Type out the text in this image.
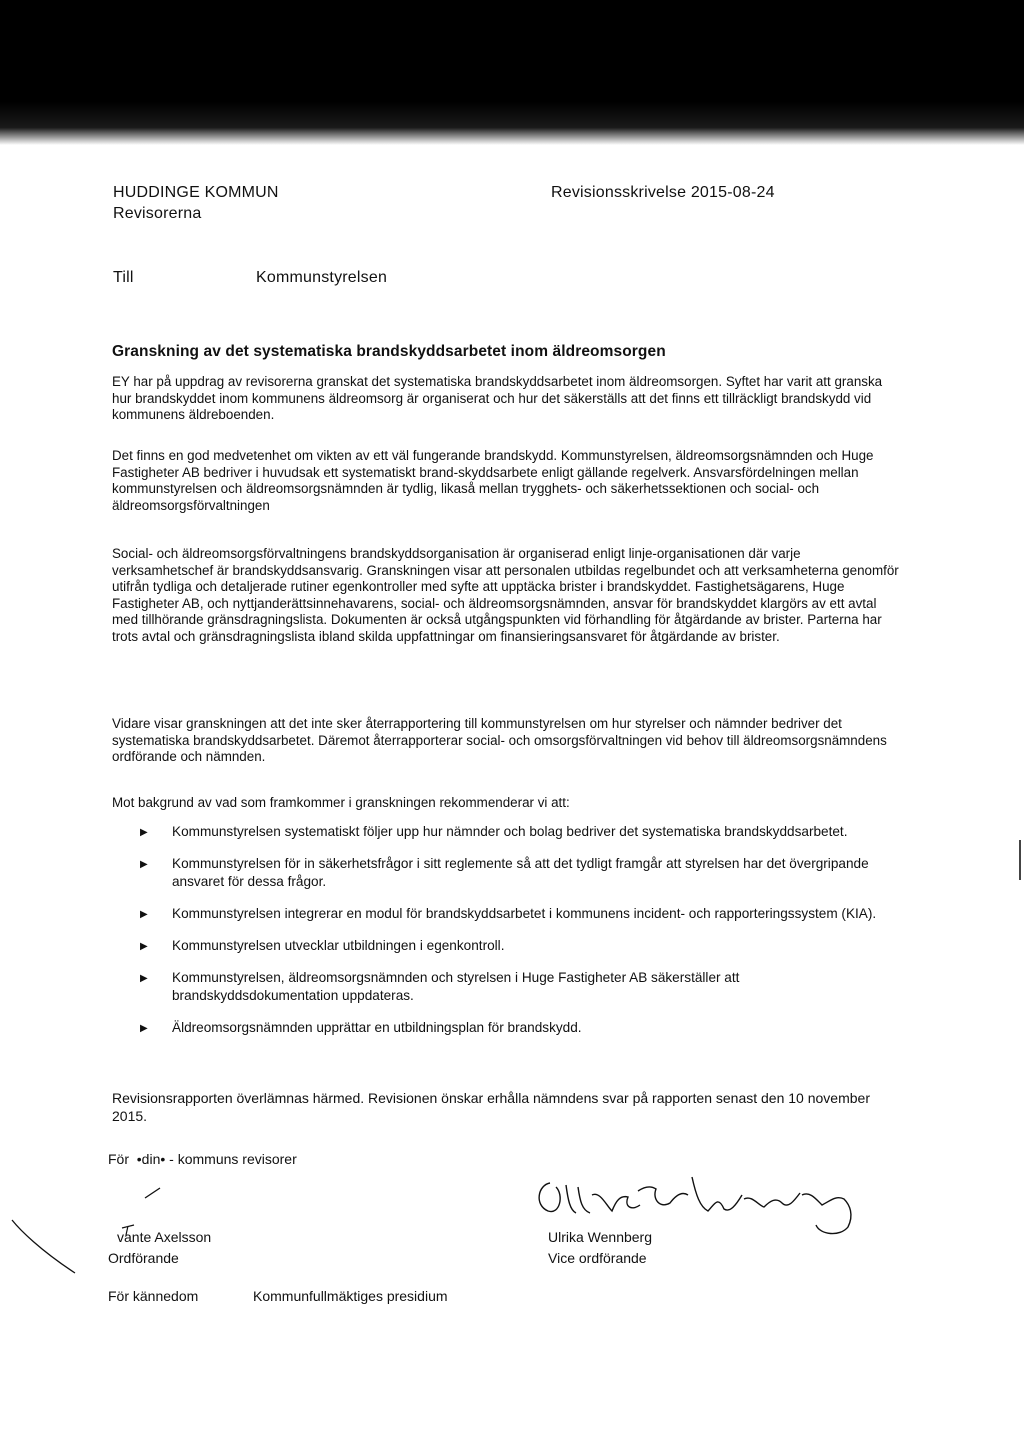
HUDDINGE KOMMUN
Revisorerna
Revisionsskrivelse 2015-08-24
Till	Kommunstyrelsen
Granskning av det systematiska brandskyddsarbetet inom äldreomsorgen

EY har på uppdrag av revisorerna granskat det systematiska brandskyddsarbetet inom äldreomsorgen. Syftet har varit att granska hur brandskyddet inom kommunens äldreomsorg är organiserat och hur det säkerställs att det finns ett tillräckligt brandskydd vid kommunens äldreboenden.

Det finns en god medvetenhet om vikten av ett väl fungerande brandskydd. Kommunstyrelsen, äldreomsorgsnämnden och Huge Fastigheter AB bedriver i huvudsak ett systematiskt brand-skyddsarbete enligt gällande regelverk. Ansvarsfördelningen mellan kommunstyrelsen och äldreomsorgsnämnden är tydlig, likaså mellan trygghets- och säkerhetssektionen och social- och äldreomsorgsförvaltningen

Social- och äldreomsorgsförvaltningens brandskyddsorganisation är organiserad enligt linje-organisationen där varje verksamhetschef är brandskyddsansvarig. Granskningen visar att personalen utbildas regelbundet och att verksamheterna genomför utifrån tydliga och detaljerade rutiner egenkontroller med syfte att upptäcka brister i brandskyddet. Fastighetsägarens, Huge Fastigheter AB, och nyttjanderättsinnehavarens, social- och äldreomsorgsnämnden, ansvar för brandskyddet klargörs av ett avtal med tillhörande gränsdragningslista. Dokumenten är också utgångspunkten vid förhandling för åtgärdande av brister. Parterna har trots avtal och gränsdragningslista ibland skilda uppfattningar om finansieringsansvaret för åtgärdande av brister.

Vidare visar granskningen att det inte sker återrapportering till kommunstyrelsen om hur styrelser och nämnder bedriver det systematiska brandskyddsarbetet. Däremot återrapporterar social- och omsorgsförvaltningen vid behov till äldreomsorgsnämndens ordförande och nämnden.

Mot bakgrund av vad som framkommer i granskningen rekommenderar vi att:

▶ Kommunstyrelsen systematiskt följer upp hur nämnder och bolag bedriver det systematiska brandskyddsarbetet.
▶ Kommunstyrelsen för in säkerhetsfrågor i sitt reglemente så att det tydligt framgår att styrelsen har det övergripande ansvaret för dessa frågor.
▶ Kommunstyrelsen integrerar en modul för brandskyddsarbetet i kommunens incident- och rapporteringssystem (KIA).
▶ Kommunstyrelsen utvecklar utbildningen i egenkontroll.
▶ Kommunstyrelsen, äldreomsorgsnämnden och styrelsen i Huge Fastigheter AB säkerställer att brandskyddsdokumentation uppdateras.
▶ Äldreomsorgsnämnden upprättar en utbildningsplan för brandskydd.

Revisionsrapporten överlämnas härmed. Revisionen önskar erhålla nämndens svar på rapporten senast den 10 november 2015.

För  •din• - kommuns revisorer
vante Axelsson
Ordförande
Ulrika Wennberg
Vice ordförande
För kännedom	Kommunfullmäktiges presidium
